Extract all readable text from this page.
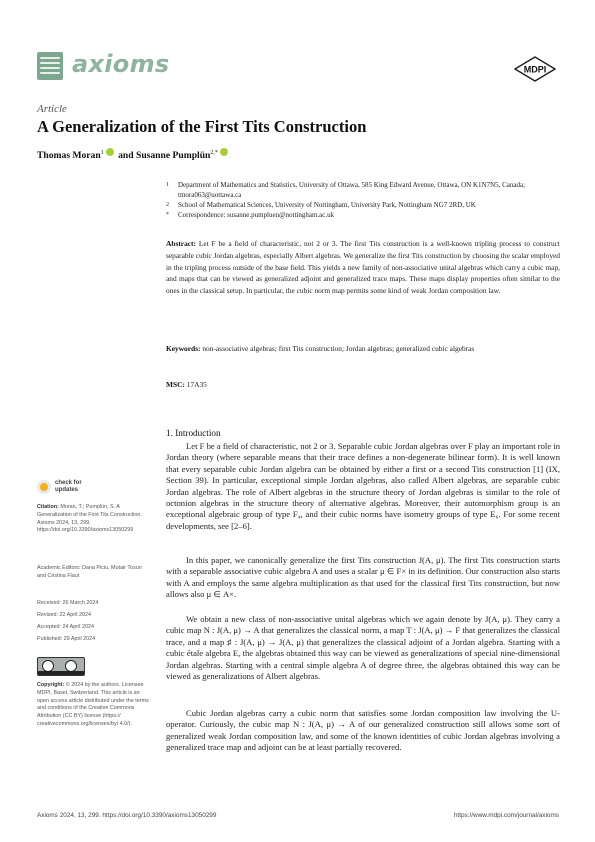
axioms	MDPI
Article
A Generalization of the First Tits Construction
Thomas Moran$^1$ and Susanne Pumplün$^{2,*}$
1 Department of Mathematics and Statistics, University of Ottawa, 585 King Edward Avenue, Ottawa, ON K1N7N5, Canada; tmora063@uottawa.ca
2 School of Mathematical Sciences, University of Nottingham, University Park, Nottingham NG7 2RD, UK
* Correspondence: susanne.pumpluen@nottingham.ac.uk
Abstract: Let F be a field of characteristic, not 2 or 3. The first Tits construction is a well-known tripling process to construct separable cubic Jordan algebras, especially Albert algebras. We generalize the first Tits construction by choosing the scalar employed in the tripling process outside of the base field. This yields a new family of non-associative unital algebras which carry a cubic map, and maps that can be viewed as generalized adjoint and generalized trace maps. These maps display properties often similar to the ones in the classical setup. In particular, the cubic norm map permits some kind of weak Jordan composition law.
Keywords: non-associative algebras; first Tits construction; Jordan algebras; generalized cubic algebras
MSC: 17A35
check for
updates
Citation: Moran, T.; Pumplün, S. A Generalization of the First Tits Construction. Axioms 2024, 13, 299. https://doi.org/10.3390/axioms13050299
Academic Editors: Dana Piciu, Mutair Tosun and Cristina Flaut
Received: 26 March 2024
Revised: 22 April 2024
Accepted: 24 April 2024
Published: 29 April 2024
Copyright: © 2024 by the authors. Licensee MDPI, Basel, Switzerland. This article is an open access article distributed under the terms and conditions of the Creative Commons Attribution (CC BY) license (https:// creativecommons.org/licenses/by/ 4.0/).
1. Introduction
Let F be a field of characteristic, not 2 or 3. Separable cubic Jordan algebras over F play an important role in Jordan theory (where separable means that their trace defines a non-degenerate bilinear form). It is well known that every separable cubic Jordan algebra can be obtained by either a first or a second Tits construction [1] (IX, Section 39). In particular, exceptional simple Jordan algebras, also called Albert algebras, are separable cubic Jordan algebras. The role of Albert algebras in the structure theory of Jordan algebras is similar to the role of octonion algebras in the structure theory of alternative algebras. Moreover, their automorphism group is an exceptional algebraic group of type F₄, and their cubic norms have isometry groups of type E₆. For some recent developments, see [2–6].
In this paper, we canonically generalize the first Tits construction J(A, μ). The first Tits construction starts with a separable associative cubic algebra A and uses a scalar μ ∈ F× in its definition. Our construction also starts with A and employs the same algebra multiplication as that used for the classical first Tits construction, but now allows also μ ∈ A×.
We obtain a new class of non-associative unital algebras which we again denote by J(A, μ). They carry a cubic map N : J(A, μ) → A that generalizes the classical norm, a map T : J(A, μ) → F that generalizes the classical trace, and a map ♯ : J(A, μ) → J(A, μ) that generalizes the classical adjoint of a Jordan algebra. Starting with a cubic étale algebra E, the algebras obtained this way can be viewed as generalizations of special nine-dimensional Jordan algebras. Starting with a central simple algebra A of degree three, the algebras obtained this way can be viewed as generalizations of Albert algebras.
Cubic Jordan algebras carry a cubic norm that satisfies some Jordan composition law involving the U-operator. Curiously, the cubic map N : J(A, μ) → A of our generalized construction still allows some sort of generalized weak Jordan composition law, and some of the known identities of cubic Jordan algebras involving a generalized trace map and adjoint can be at least partially recovered.
Axioms 2024, 13, 299. https://doi.org/10.3390/axioms13050299	https://www.mdpi.com/journal/axioms
